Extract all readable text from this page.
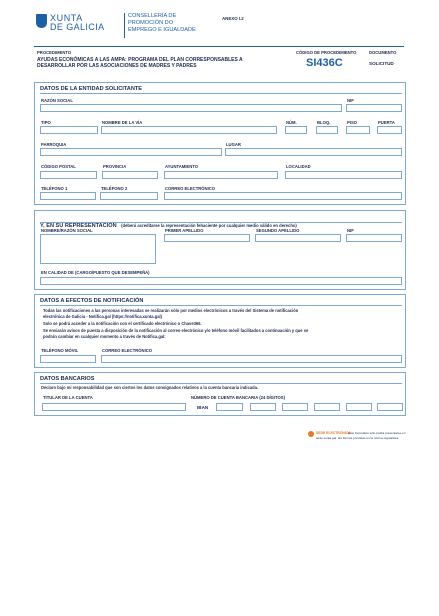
XUNTA
DE GALICIA
CONSELLERÍA DE
PROMOCIÓN DO
EMPREGO E IGUALDADE
ANEXO I.2
PROCEDIMENTO
AYUDAS ECONÓMICAS A LAS AMPA: PROGRAMA DEL PLAN CORRESPONSABLES A
DESARROLLAR POR LAS ASOCIACIONES DE MADRES Y PADRES
CÓDIGO DE PROCEDIMIENTO
SI436C
DOCUMENTO
SOLICITUD
DATOS DE LA ENTIDAD SOLICITANTE
RAZÓN SOCIAL	NIF
TIPO	NOMBRE DE LA VÍA	NÚM.	BLOQ.	PISO	PUERTA
PARROQUIA	LUGAR
CÓDIGO POSTAL	PROVINCIA	AYUNTAMIENTO	LOCALIDAD
TELÉFONO 1	TELÉFONO 2	CORREO ELECTRÓNICO
Y, EN SU REPRESENTACIÓN (deberá acreditarse la representación fehaciente por cualquier medio válido en derecho)
NOMBRE/RAZÓN SOCIAL	PRIMER APELLIDO	SEGUNDO APELLIDO	NIF
EN CALIDAD DE (CARGO/PUESTO QUE DESEMPEÑA)
DATOS A EFECTOS DE NOTIFICACIÓN
Todas las notificaciones a las personas interesadas se realizarán sólo por medios electrónicos a través del Sistema de notificación
electrónica de Galicia - Notifica.gal (https://notifica.xunta.gal)
Solo se podrá acceder a la notificación con el certificado electrónico o Chave365.
Se enviarán avisos de puesta a disposición de la notificación al correo electrónico y/o teléfono móvil facilitados a continuación y que se
podrán cambiar en cualquier momento a través de Notifica.gal:
TELÉFONO MÓVIL	CORREO ELECTRÓNICO
DATOS BANCARIOS
Declaro bajo mi responsabilidad que son ciertos los datos consignados relativos a la cuenta bancaria indicada.
TITULAR DE LA CUENTA	NÚMERO DE CUENTA BANCARIA (24 DÍGITOS)
IBAN
SEDE ELECTRÓNICA
Este formulario sólo podrá presentarse en
sede.xunta.gal las formas previstas en la norma reguladora
